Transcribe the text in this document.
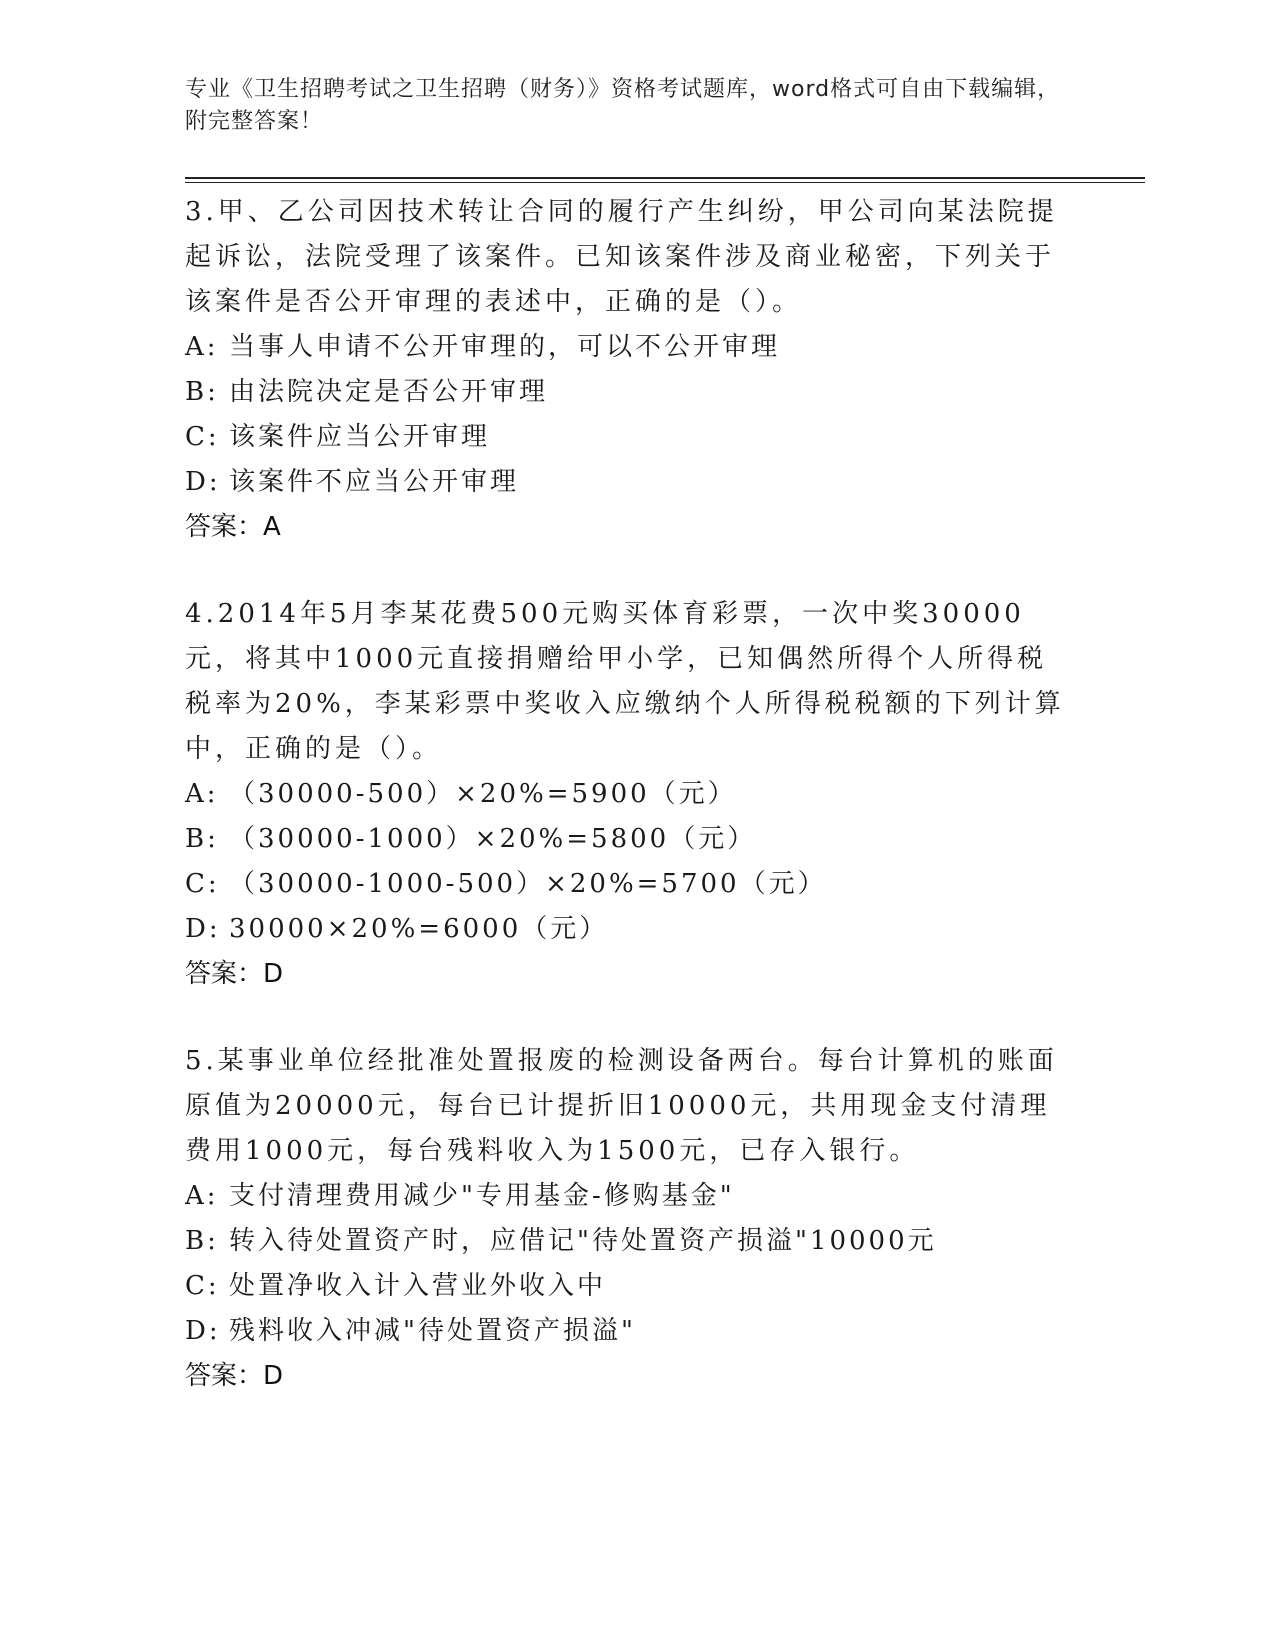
专业《卫生招聘考试之卫生招聘（财务）》资格考试题库，word格式可自由下载编辑，附完整答案！

3.甲、乙公司因技术转让合同的履行产生纠纷，甲公司向某法院提起诉讼，法院受理了该案件。已知该案件涉及商业秘密，下列关于该案件是否公开审理的表述中，正确的是（）。

A: 当事人申请不公开审理的，可以不公开审理

B: 由法院决定是否公开审理

C: 该案件应当公开审理

D: 该案件不应当公开审理

答案：A

4.2014年5月李某花费500元购买体育彩票，一次中奖30000元，将其中1000元直接捐赠给甲小学，已知偶然所得个人所得税税率为20%，李某彩票中奖收入应缴纳个人所得税税额的下列计算中，正确的是（）。

A: （30000-500）×20%=5900（元）

B: （30000-1000）×20%=5800（元）

C: （30000-1000-500）×20%=5700（元）

D: 30000×20%=6000（元）

答案：D

5.某事业单位经批准处置报废的检测设备两台。每台计算机的账面原值为20000元，每台已计提折旧10000元，共用现金支付清理费用1000元，每台残料收入为1500元，已存入银行。

A: 支付清理费用减少"专用基金-修购基金"

B: 转入待处置资产时，应借记"待处置资产损溢"10000元

C: 处置净收入计入营业外收入中

D: 残料收入冲减"待处置资产损溢"

答案：D
